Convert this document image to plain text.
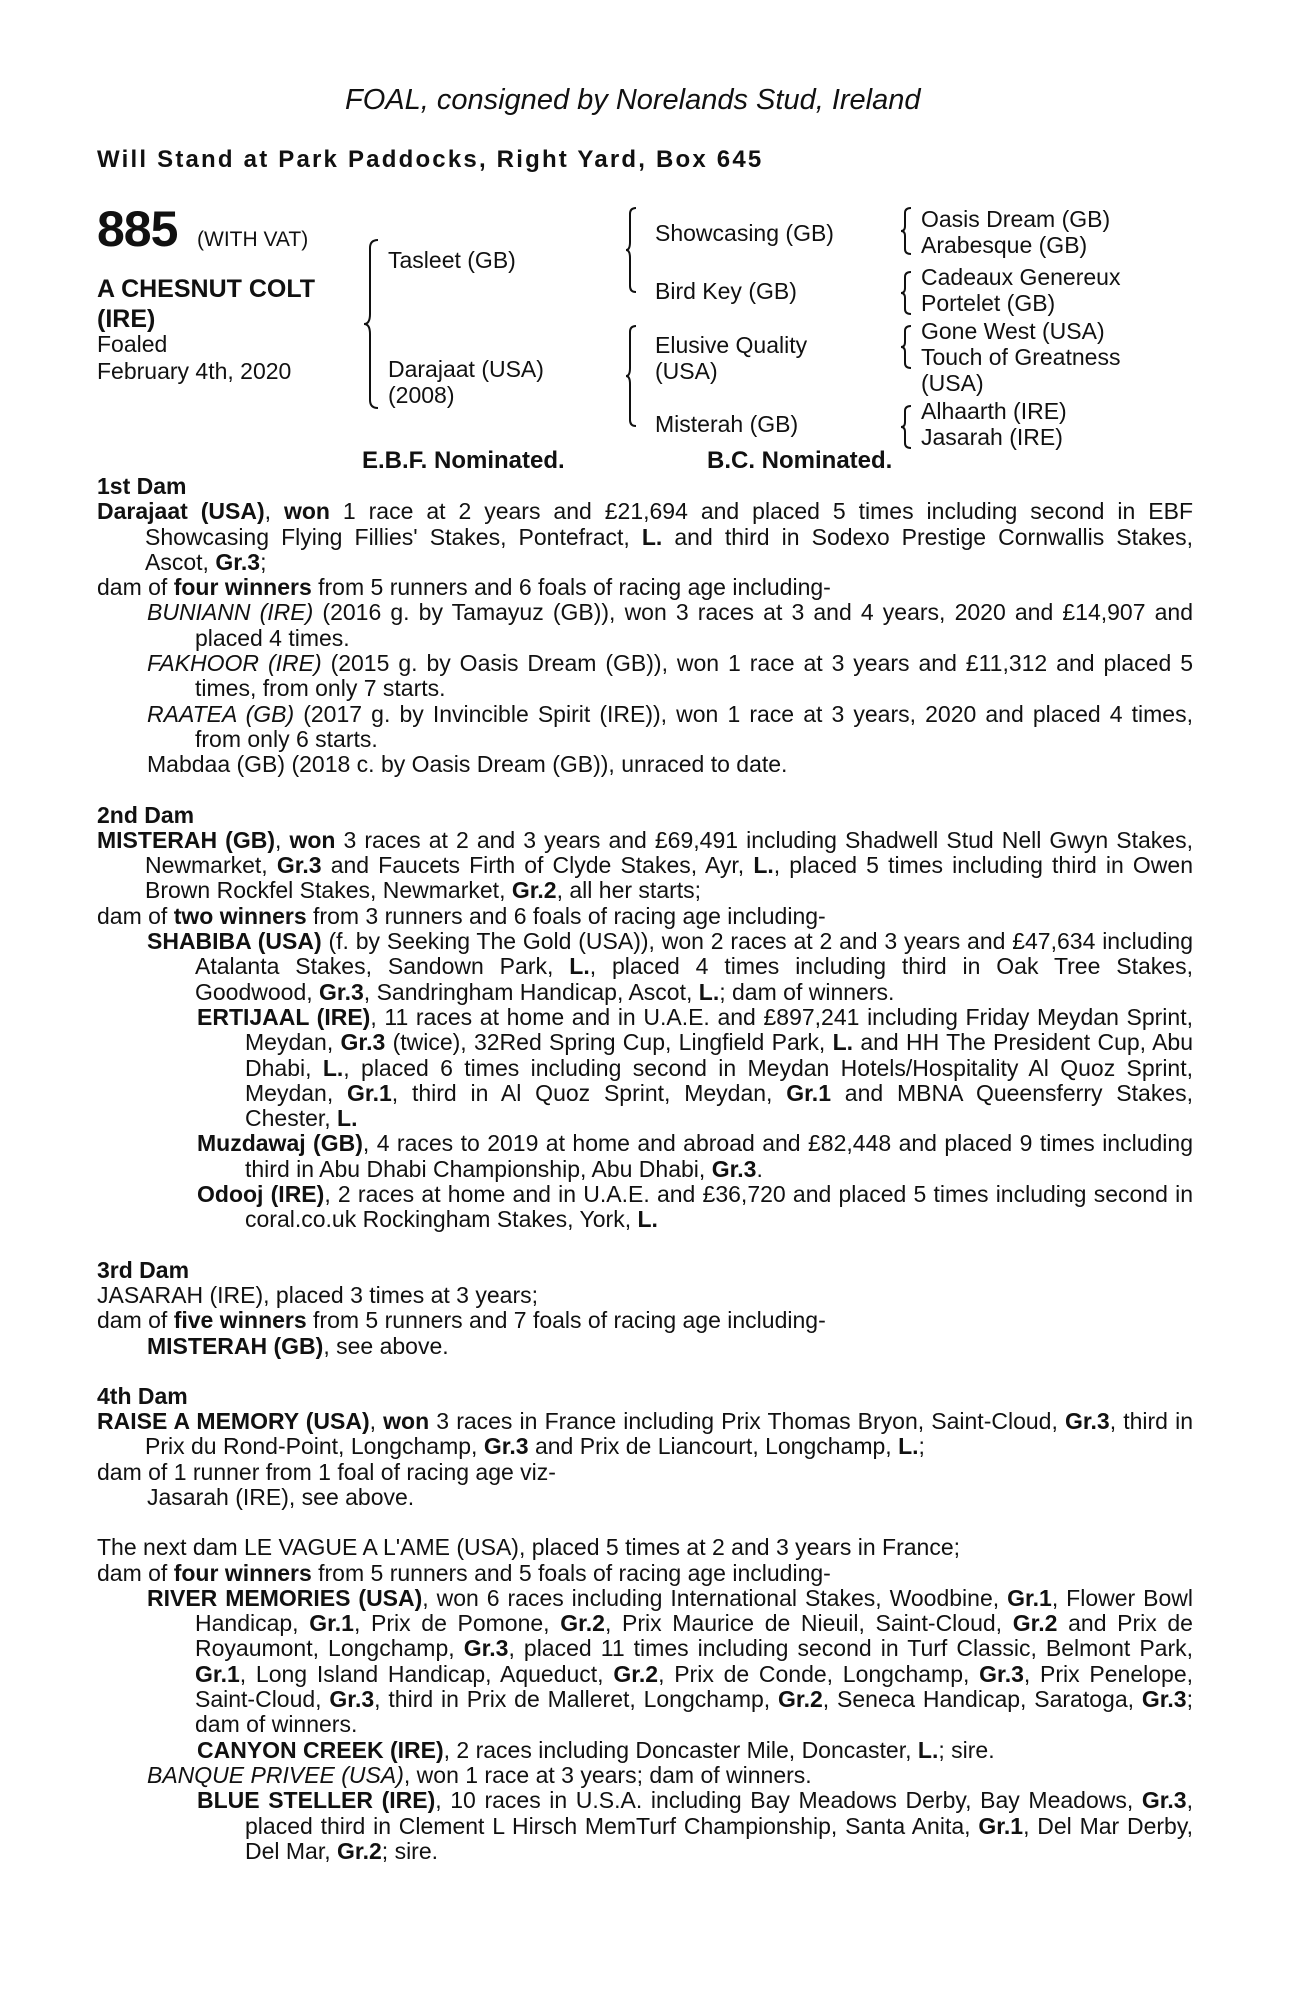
FOAL, consigned by Norelands Stud, Ireland
Will Stand at Park Paddocks, Right Yard, Box 645
885 (WITH VAT)
A CHESNUT COLT
(IRE)
Foaled
February 4th, 2020
Tasleet (GB)
Darajaat (USA)
(2008)
Showcasing (GB)
Bird Key (GB)
Elusive Quality
(USA)
Misterah (GB)
Oasis Dream (GB)
Arabesque (GB)
Cadeaux Genereux
Portelet (GB)
Gone West (USA)
Touch of Greatness
(USA)
Alhaarth (IRE)
Jasarah (IRE)
E.B.F. Nominated.	B.C. Nominated.
1st Dam
Darajaat (USA), won 1 race at 2 years and £21,694 and placed 5 times including second in EBF Showcasing Flying Fillies' Stakes, Pontefract, L. and third in Sodexo Prestige Cornwallis Stakes, Ascot, Gr.3;
dam of four winners from 5 runners and 6 foals of racing age including-
BUNIANN (IRE) (2016 g. by Tamayuz (GB)), won 3 races at 3 and 4 years, 2020 and £14,907 and placed 4 times.
FAKHOOR (IRE) (2015 g. by Oasis Dream (GB)), won 1 race at 3 years and £11,312 and placed 5 times, from only 7 starts.
RAATEA (GB) (2017 g. by Invincible Spirit (IRE)), won 1 race at 3 years, 2020 and placed 4 times, from only 6 starts.
Mabdaa (GB) (2018 c. by Oasis Dream (GB)), unraced to date.
2nd Dam
MISTERAH (GB), won 3 races at 2 and 3 years and £69,491 including Shadwell Stud Nell Gwyn Stakes, Newmarket, Gr.3 and Faucets Firth of Clyde Stakes, Ayr, L., placed 5 times including third in Owen Brown Rockfel Stakes, Newmarket, Gr.2, all her starts;
dam of two winners from 3 runners and 6 foals of racing age including-
SHABIBA (USA) (f. by Seeking The Gold (USA)), won 2 races at 2 and 3 years and £47,634 including Atalanta Stakes, Sandown Park, L., placed 4 times including third in Oak Tree Stakes, Goodwood, Gr.3, Sandringham Handicap, Ascot, L.; dam of winners.
ERTIJAAL (IRE), 11 races at home and in U.A.E. and £897,241 including Friday Meydan Sprint, Meydan, Gr.3 (twice), 32Red Spring Cup, Lingfield Park, L. and HH The President Cup, Abu Dhabi, L., placed 6 times including second in Meydan Hotels/Hospitality Al Quoz Sprint, Meydan, Gr.1, third in Al Quoz Sprint, Meydan, Gr.1 and MBNA Queensferry Stakes, Chester, L.
Muzdawaj (GB), 4 races to 2019 at home and abroad and £82,448 and placed 9 times including third in Abu Dhabi Championship, Abu Dhabi, Gr.3.
Odooj (IRE), 2 races at home and in U.A.E. and £36,720 and placed 5 times including second in coral.co.uk Rockingham Stakes, York, L.
3rd Dam
JASARAH (IRE), placed 3 times at 3 years;
dam of five winners from 5 runners and 7 foals of racing age including-
MISTERAH (GB), see above.
4th Dam
RAISE A MEMORY (USA), won 3 races in France including Prix Thomas Bryon, Saint-Cloud, Gr.3, third in Prix du Rond-Point, Longchamp, Gr.3 and Prix de Liancourt, Longchamp, L.;
dam of 1 runner from 1 foal of racing age viz-
Jasarah (IRE), see above.
The next dam LE VAGUE A L'AME (USA), placed 5 times at 2 and 3 years in France;
dam of four winners from 5 runners and 5 foals of racing age including-
RIVER MEMORIES (USA), won 6 races including International Stakes, Woodbine, Gr.1, Flower Bowl Handicap, Gr.1, Prix de Pomone, Gr.2, Prix Maurice de Nieuil, Saint-Cloud, Gr.2 and Prix de Royaumont, Longchamp, Gr.3, placed 11 times including second in Turf Classic, Belmont Park, Gr.1, Long Island Handicap, Aqueduct, Gr.2, Prix de Conde, Longchamp, Gr.3, Prix Penelope, Saint-Cloud, Gr.3, third in Prix de Malleret, Longchamp, Gr.2, Seneca Handicap, Saratoga, Gr.3; dam of winners.
CANYON CREEK (IRE), 2 races including Doncaster Mile, Doncaster, L.; sire.
BANQUE PRIVEE (USA), won 1 race at 3 years; dam of winners.
BLUE STELLER (IRE), 10 races in U.S.A. including Bay Meadows Derby, Bay Meadows, Gr.3, placed third in Clement L Hirsch MemTurf Championship, Santa Anita, Gr.1, Del Mar Derby, Del Mar, Gr.2; sire.
